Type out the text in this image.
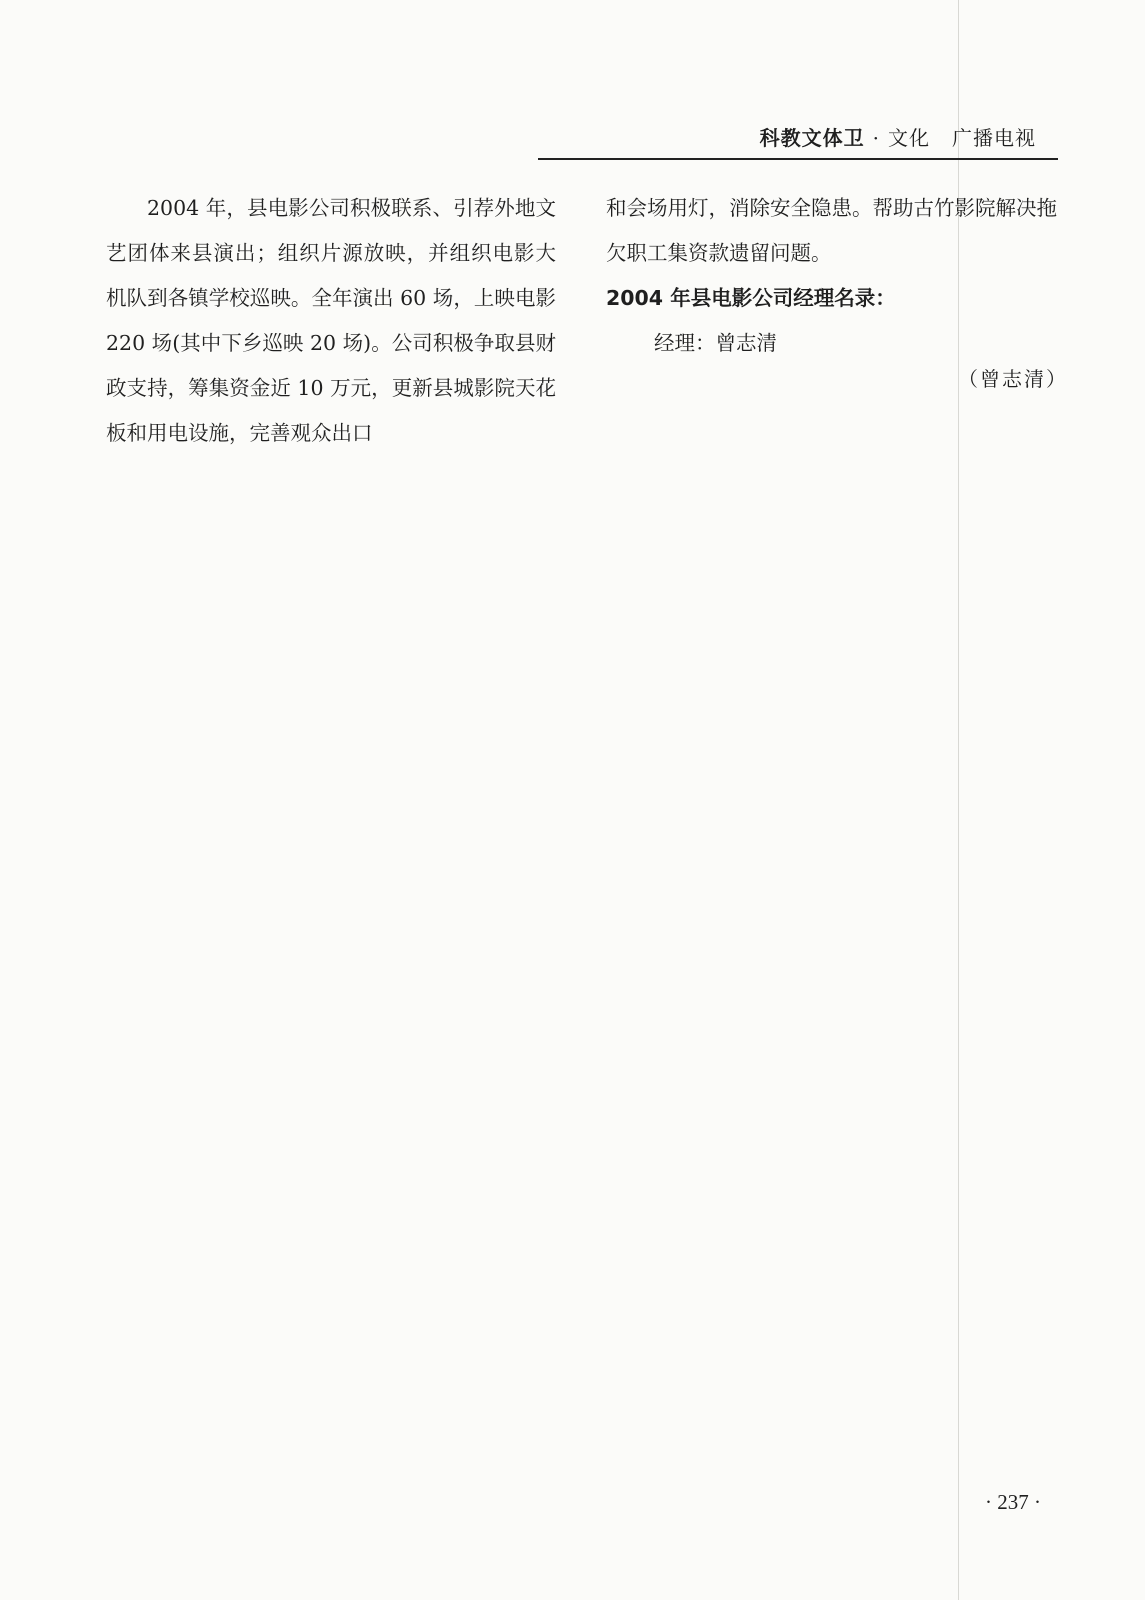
科教文体卫 · 文化 广播电视

2004 年，县电影公司积极联系、引荐外地文艺团体来县演出；组织片源放映，并组织电影大机队到各镇学校巡映。全年演出 60 场，上映电影 220 场(其中下乡巡映 20 场)。公司积极争取县财政支持，筹集资金近 10 万元，更新县城影院天花板和用电设施，完善观众出口

和会场用灯，消除安全隐患。帮助古竹影院解决拖欠职工集资款遗留问题。

2004 年县电影公司经理名录：

经理：曾志清

（曾志清）
· 237 ·
